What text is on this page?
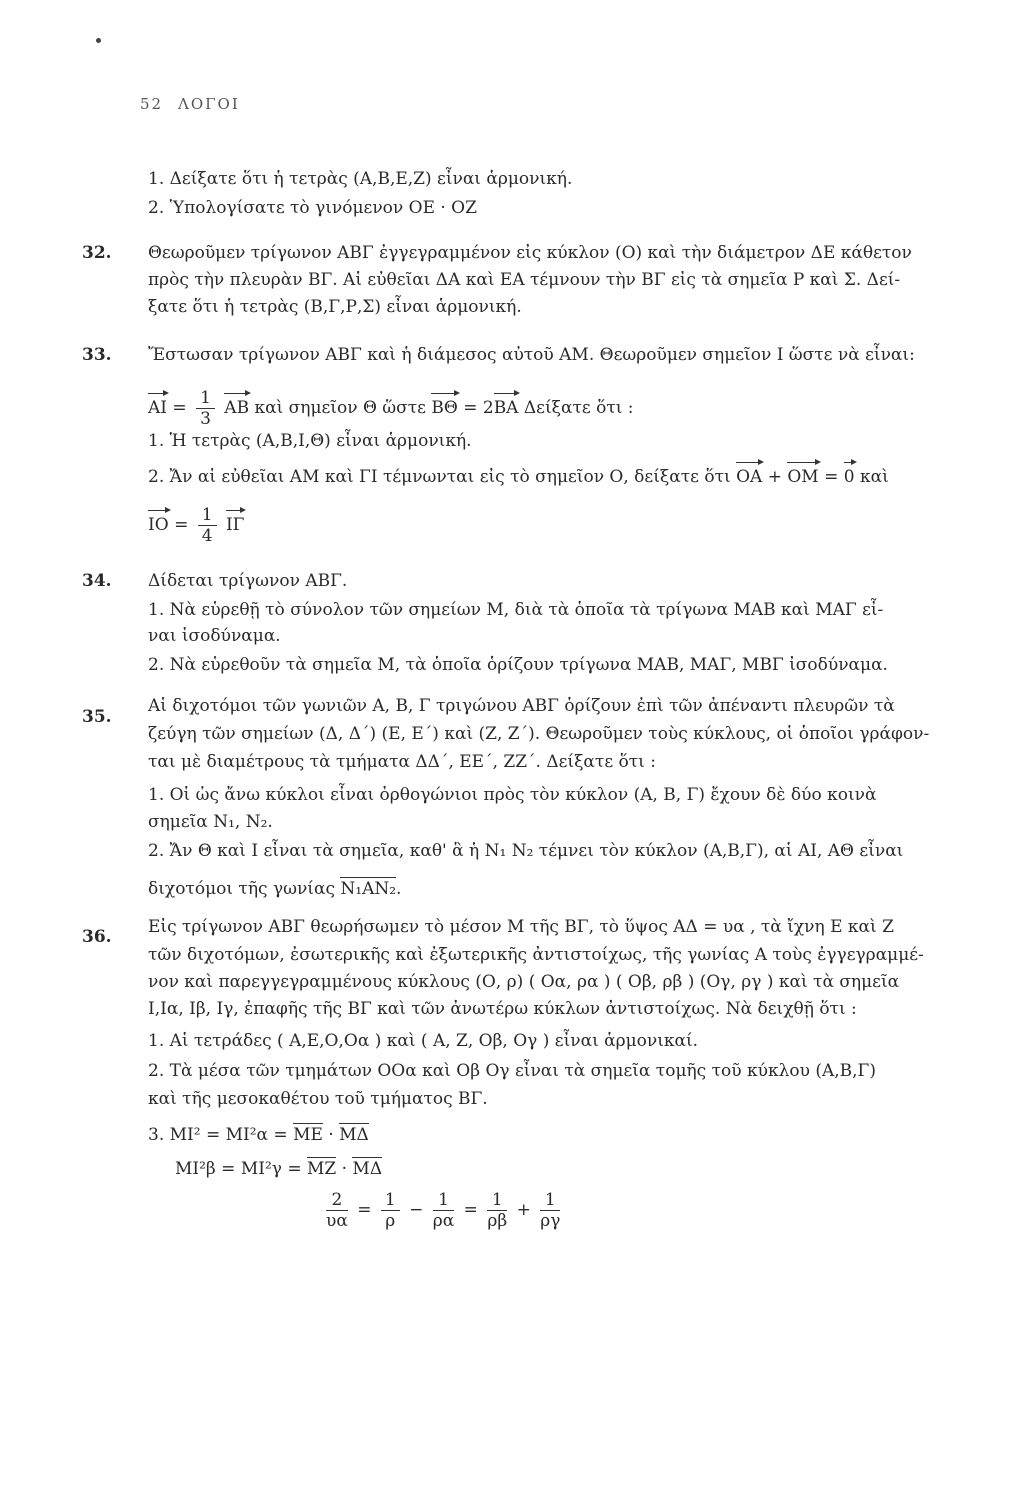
52 ΛΟΓΟΙ
1. Δείξατε ὅτι ἡ τετρὰς (Α,Β,Ε,Ζ) εἶναι ἁρμονική.
2. Ὑπολογίσατε τὸ γινόμενον ΟΕ · ΟΖ
32. Θεωροῦμεν τρίγωνον ΑΒΓ ἐγγεγραμμένον εἰς κύκλον (Ο) καὶ τὴν διάμετρον ΔΕ κάθετον
πρὸς τὴν πλευρὰν ΒΓ. Αἱ εὐθεῖαι ΔΑ καὶ ΕΑ τέμνουν τὴν ΒΓ εἰς τὰ σημεῖα Ρ καὶ Σ. Δεί-
ξατε ὅτι ἡ τετρὰς (Β,Γ,Ρ,Σ) εἶναι ἁρμονική.
33. Ἔστωσαν τρίγωνον ΑΒΓ καὶ ἡ διάμεσος αὐτοῦ ΑΜ. Θεωροῦμεν σημεῖον Ι ὥστε νὰ εἶναι:
$AI = \frac{1}{3}$ ΑΒ καὶ σημεῖον Θ ὥστε ΒΘ = 2ΒΑ Δείξατε ὅτι :
1. Ἡ τετρὰς (Α,Β,Ι,Θ) εἶναι ἁρμονική.
2. Ἄν αἱ εὐθεῖαι ΑΜ καὶ ΓΙ τέμνωνται εἰς τὸ σημεῖον Ο, δείξατε ὅτι ΟΑ + ΟΜ = 0 καὶ
$IO = \frac{1}{4}$ ΙΓ
34. Δίδεται τρίγωνον ΑΒΓ.
1. Νὰ εὑρεθῇ τὸ σύνολον τῶν σημείων Μ, διὰ τὰ ὁποῖα τὰ τρίγωνα ΜΑΒ καὶ ΜΑΓ εἶ-
ναι ἰσοδύναμα.
2. Νὰ εὑρεθοῦν τὰ σημεῖα Μ, τὰ ὁποῖα ὁρίζουν τρίγωνα ΜΑΒ, ΜΑΓ, ΜΒΓ ἰσοδύναμα.
35.
Αἱ διχοτόμοι τῶν γωνιῶν Α, Β, Γ τριγώνου ΑΒΓ ὁρίζουν ἐπὶ τῶν ἀπέναντι πλευρῶν τὰ
ζεύγη τῶν σημείων (Δ, Δ΄) (Ε, Ε΄) καὶ (Ζ, Ζ΄). Θεωροῦμεν τοὺς κύκλους, οἱ ὁποῖοι γράφον-
ται μὲ διαμέτρους τὰ τμήματα ΔΔ΄, ΕΕ΄, ΖΖ΄. Δείξατε ὅτι :
1. Οἱ ὡς ἄνω κύκλοι εἶναι ὀρθογώνιοι πρὸς τὸν κύκλον (Α, Β, Γ) ἔχουν δὲ δύο κοινὰ
σημεῖα Ν₁, Ν₂.
2. Ἄν Θ καὶ Ι εἶναι τὰ σημεῖα, καθ' ἃ ἡ Ν₁ Ν₂ τέμνει τὸν κύκλον (Α,Β,Γ), αἱ ΑΙ, ΑΘ εἶναι
διχοτόμοι τῆς γωνίας Ν₁ΑΝ₂.
36. Εἰς τρίγωνον ΑΒΓ θεωρήσωμεν τὸ μέσον Μ τῆς ΒΓ, τὸ ὕψος ΑΔ = υα , τὰ ἴχνη Ε καὶ Ζ
τῶν διχοτόμων, ἐσωτερικῆς καὶ ἐξωτερικῆς ἀντιστοίχως, τῆς γωνίας Α τοὺς ἐγγεγραμμέ-
νον καὶ παρεγγεγραμμένους κύκλους (Ο, ρ) ( Οα, ρα ) ( Οβ, ρβ ) (Ογ, ργ ) καὶ τὰ σημεῖα
Ι,Ια, Ιβ, Ιγ, ἐπαφῆς τῆς ΒΓ καὶ τῶν ἀνωτέρω κύκλων ἀντιστοίχως. Νὰ δειχθῇ ὅτι :
1. Αἱ τετράδες ( Α,Ε,Ο,Οα ) καὶ ( Α, Ζ, Οβ, Ογ ) εἶναι ἁρμονικαί.
2. Τὰ μέσα τῶν τμημάτων ΟΟα καὶ Οβ Ογ εἶναι τὰ σημεῖα τομῆς τοῦ κύκλου (Α,Β,Γ)
καὶ τῆς μεσοκαθέτου τοῦ τμήματος ΒΓ.
3. ΜΙ² = ΜΙ²α = ΜΕ · ΜΔ
ΜΙ²β = ΜΙ²γ = ΜΖ · ΜΔ
$\frac{2}{\upsilon\alpha} = \frac{1}{\rho} - \frac{1}{\rho\alpha} = \frac{1}{\rho\beta} + \frac{1}{\rho\gamma}$
